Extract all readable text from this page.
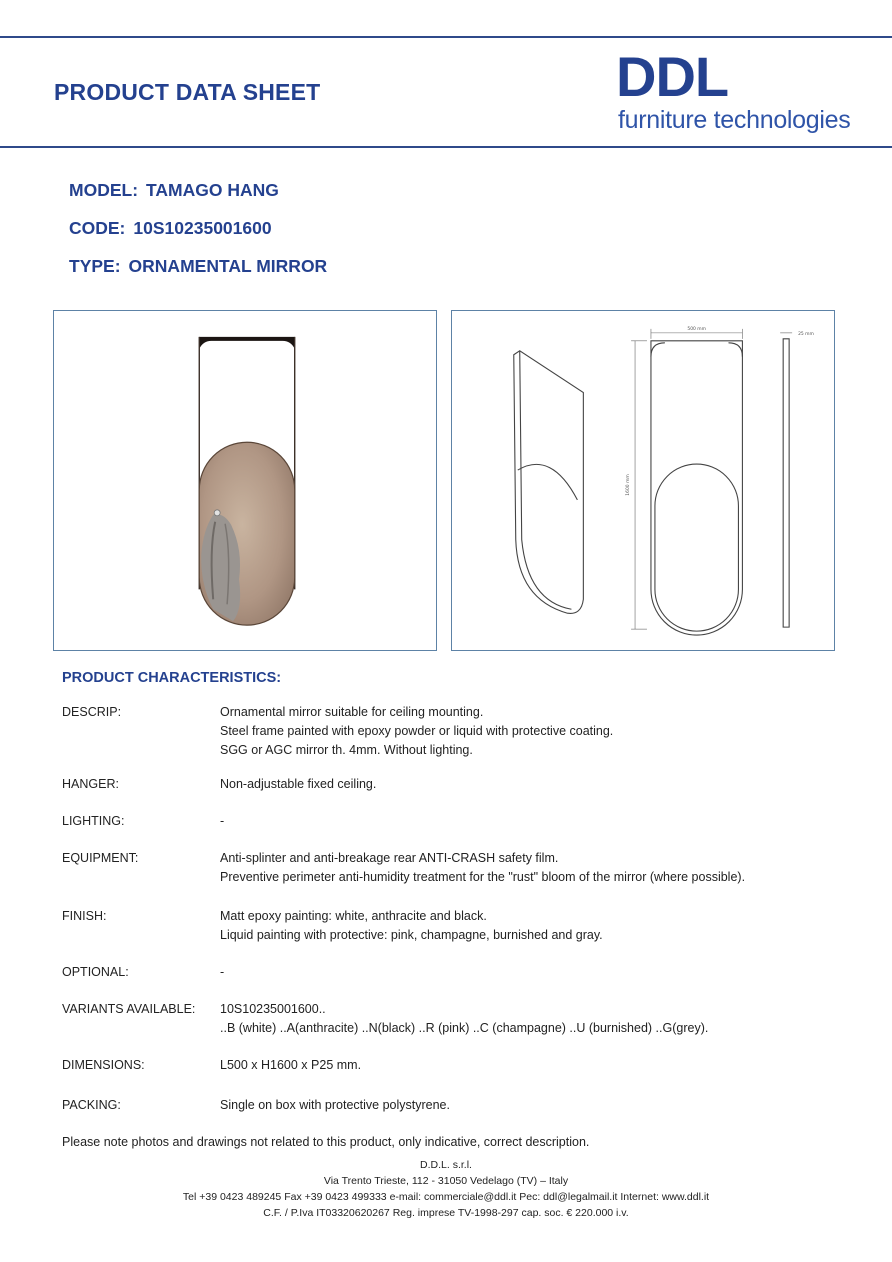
PRODUCT DATA SHEET	DDL
furniture technologies
MODEL: TAMAGO HANG
CODE: 10S10235001600
TYPE: ORNAMENTAL MIRROR
500 mm
1600 mm
25 mm
PRODUCT CHARACTERISTICS:
DESCRIP:	Ornamental mirror suitable for ceiling mounting.
Steel frame painted with epoxy powder or liquid with protective coating.
SGG or AGC mirror th. 4mm. Without lighting.
HANGER:	Non-adjustable fixed ceiling.
LIGHTING:	-
EQUIPMENT:	Anti-splinter and anti-breakage rear ANTI-CRASH safety film.
Preventive perimeter anti-humidity treatment for the "rust" bloom of the mirror (where possible).
FINISH:	Matt epoxy painting: white, anthracite and black.
Liquid painting with protective: pink, champagne, burnished and gray.
OPTIONAL:	-
VARIANTS AVAILABLE:	10S10235001600..
..B (white) ..A(anthracite) ..N(black) ..R (pink) ..C (champagne) ..U (burnished) ..G(grey).
DIMENSIONS:	L500 x H1600 x P25 mm.
PACKING:	Single on box with protective polystyrene.
Please note photos and drawings not related to this product, only indicative, correct description.
D.D.L. s.r.l.
Via Trento Trieste, 112 - 31050 Vedelago (TV) – Italy
Tel +39 0423 489245 Fax +39 0423 499333 e-mail: commerciale@ddl.it Pec: ddl@legalmail.it Internet: www.ddl.it
C.F. / P.Iva IT03320620267 Reg. imprese TV-1998-297 cap. soc. € 220.000 i.v.
